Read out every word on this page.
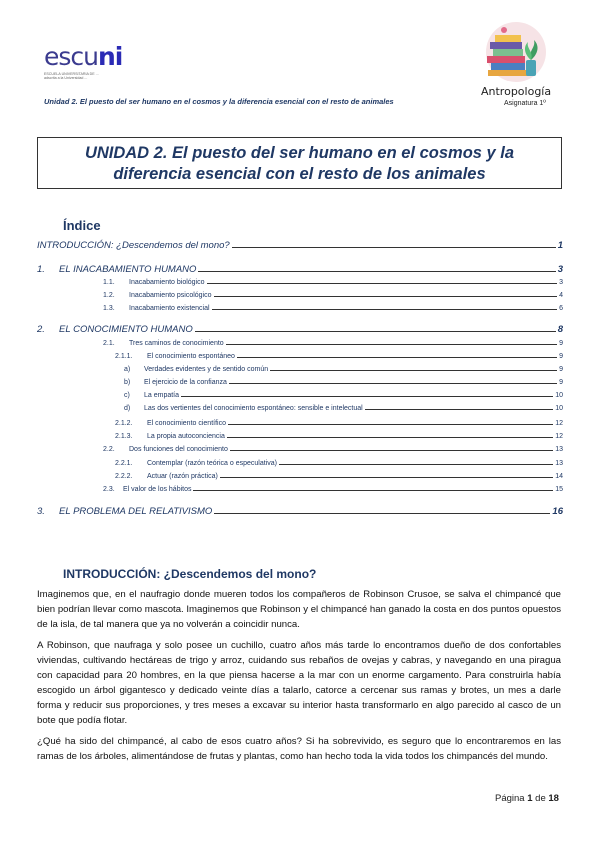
escuni
ESCUELA UNIVERSITARIA DE ...
adscrita a la Universidad ...
Unidad 2. El puesto del ser humano en el cosmos y la diferencia esencial con el resto de animales
Antropología
Asignatura 1º
UNIDAD 2. El puesto del ser humano en el cosmos y la diferencia esencial con el resto de los animales
Índice
INTRODUCCIÓN: ¿Descendemos del mono?	1
1.	EL INACABAMIENTO HUMANO	3
1.1.	Inacabamiento biológico	3
1.2.	Inacabamiento psicológico	4
1.3.	Inacabamiento existencial	6
2.	EL CONOCIMIENTO HUMANO	8
2.1.	Tres caminos de conocimiento	9
2.1.1.	El conocimiento espontáneo	9
a)	Verdades evidentes y de sentido común	9
b)	El ejercicio de la confianza	9
c)	La empatía	10
d)	Las dos vertientes del conocimiento espontáneo: sensible e intelectual	10
2.1.2.	El conocimiento científico	12
2.1.3.	La propia autoconciencia	12
2.2.	Dos funciones del conocimiento	13
2.2.1.	Contemplar (razón teórica o especulativa)	13
2.2.2.	Actuar (razón práctica)	14
2.3.	El valor de los hábitos	15
3.	EL PROBLEMA DEL RELATIVISMO	16
INTRODUCCIÓN: ¿Descendemos del mono?
Imaginemos que, en el naufragio donde mueren todos los compañeros de Robinson Crusoe, se salva el chimpancé que bien podrían llevar como mascota. Imaginemos que Robinson y el chimpancé han ganado la costa en dos puntos opuestos de la isla, de tal manera que ya no volverán a coincidir nunca.
A Robinson, que naufraga y solo posee un cuchillo, cuatro años más tarde lo encontramos dueño de dos confortables viviendas, cultivando hectáreas de trigo y arroz, cuidando sus rebaños de ovejas y cabras, y navegando en una piragua con capacidad para 20 hombres, en la que piensa hacerse a la mar con un enorme cargamento. Para construirla había escogido un árbol gigantesco y dedicado veinte días a talarlo, catorce a cercenar sus ramas y brotes, un mes a darle forma y reducir sus proporciones, y tres meses a excavar su interior hasta transformarlo en algo parecido al casco de un bote que podía flotar.
¿Qué ha sido del chimpancé, al cabo de esos cuatro años? Si ha sobrevivido, es seguro que lo encontraremos en las ramas de los árboles, alimentándose de frutas y plantas, como han hecho toda la vida todos los chimpancés del mundo.
Página 1 de 18
